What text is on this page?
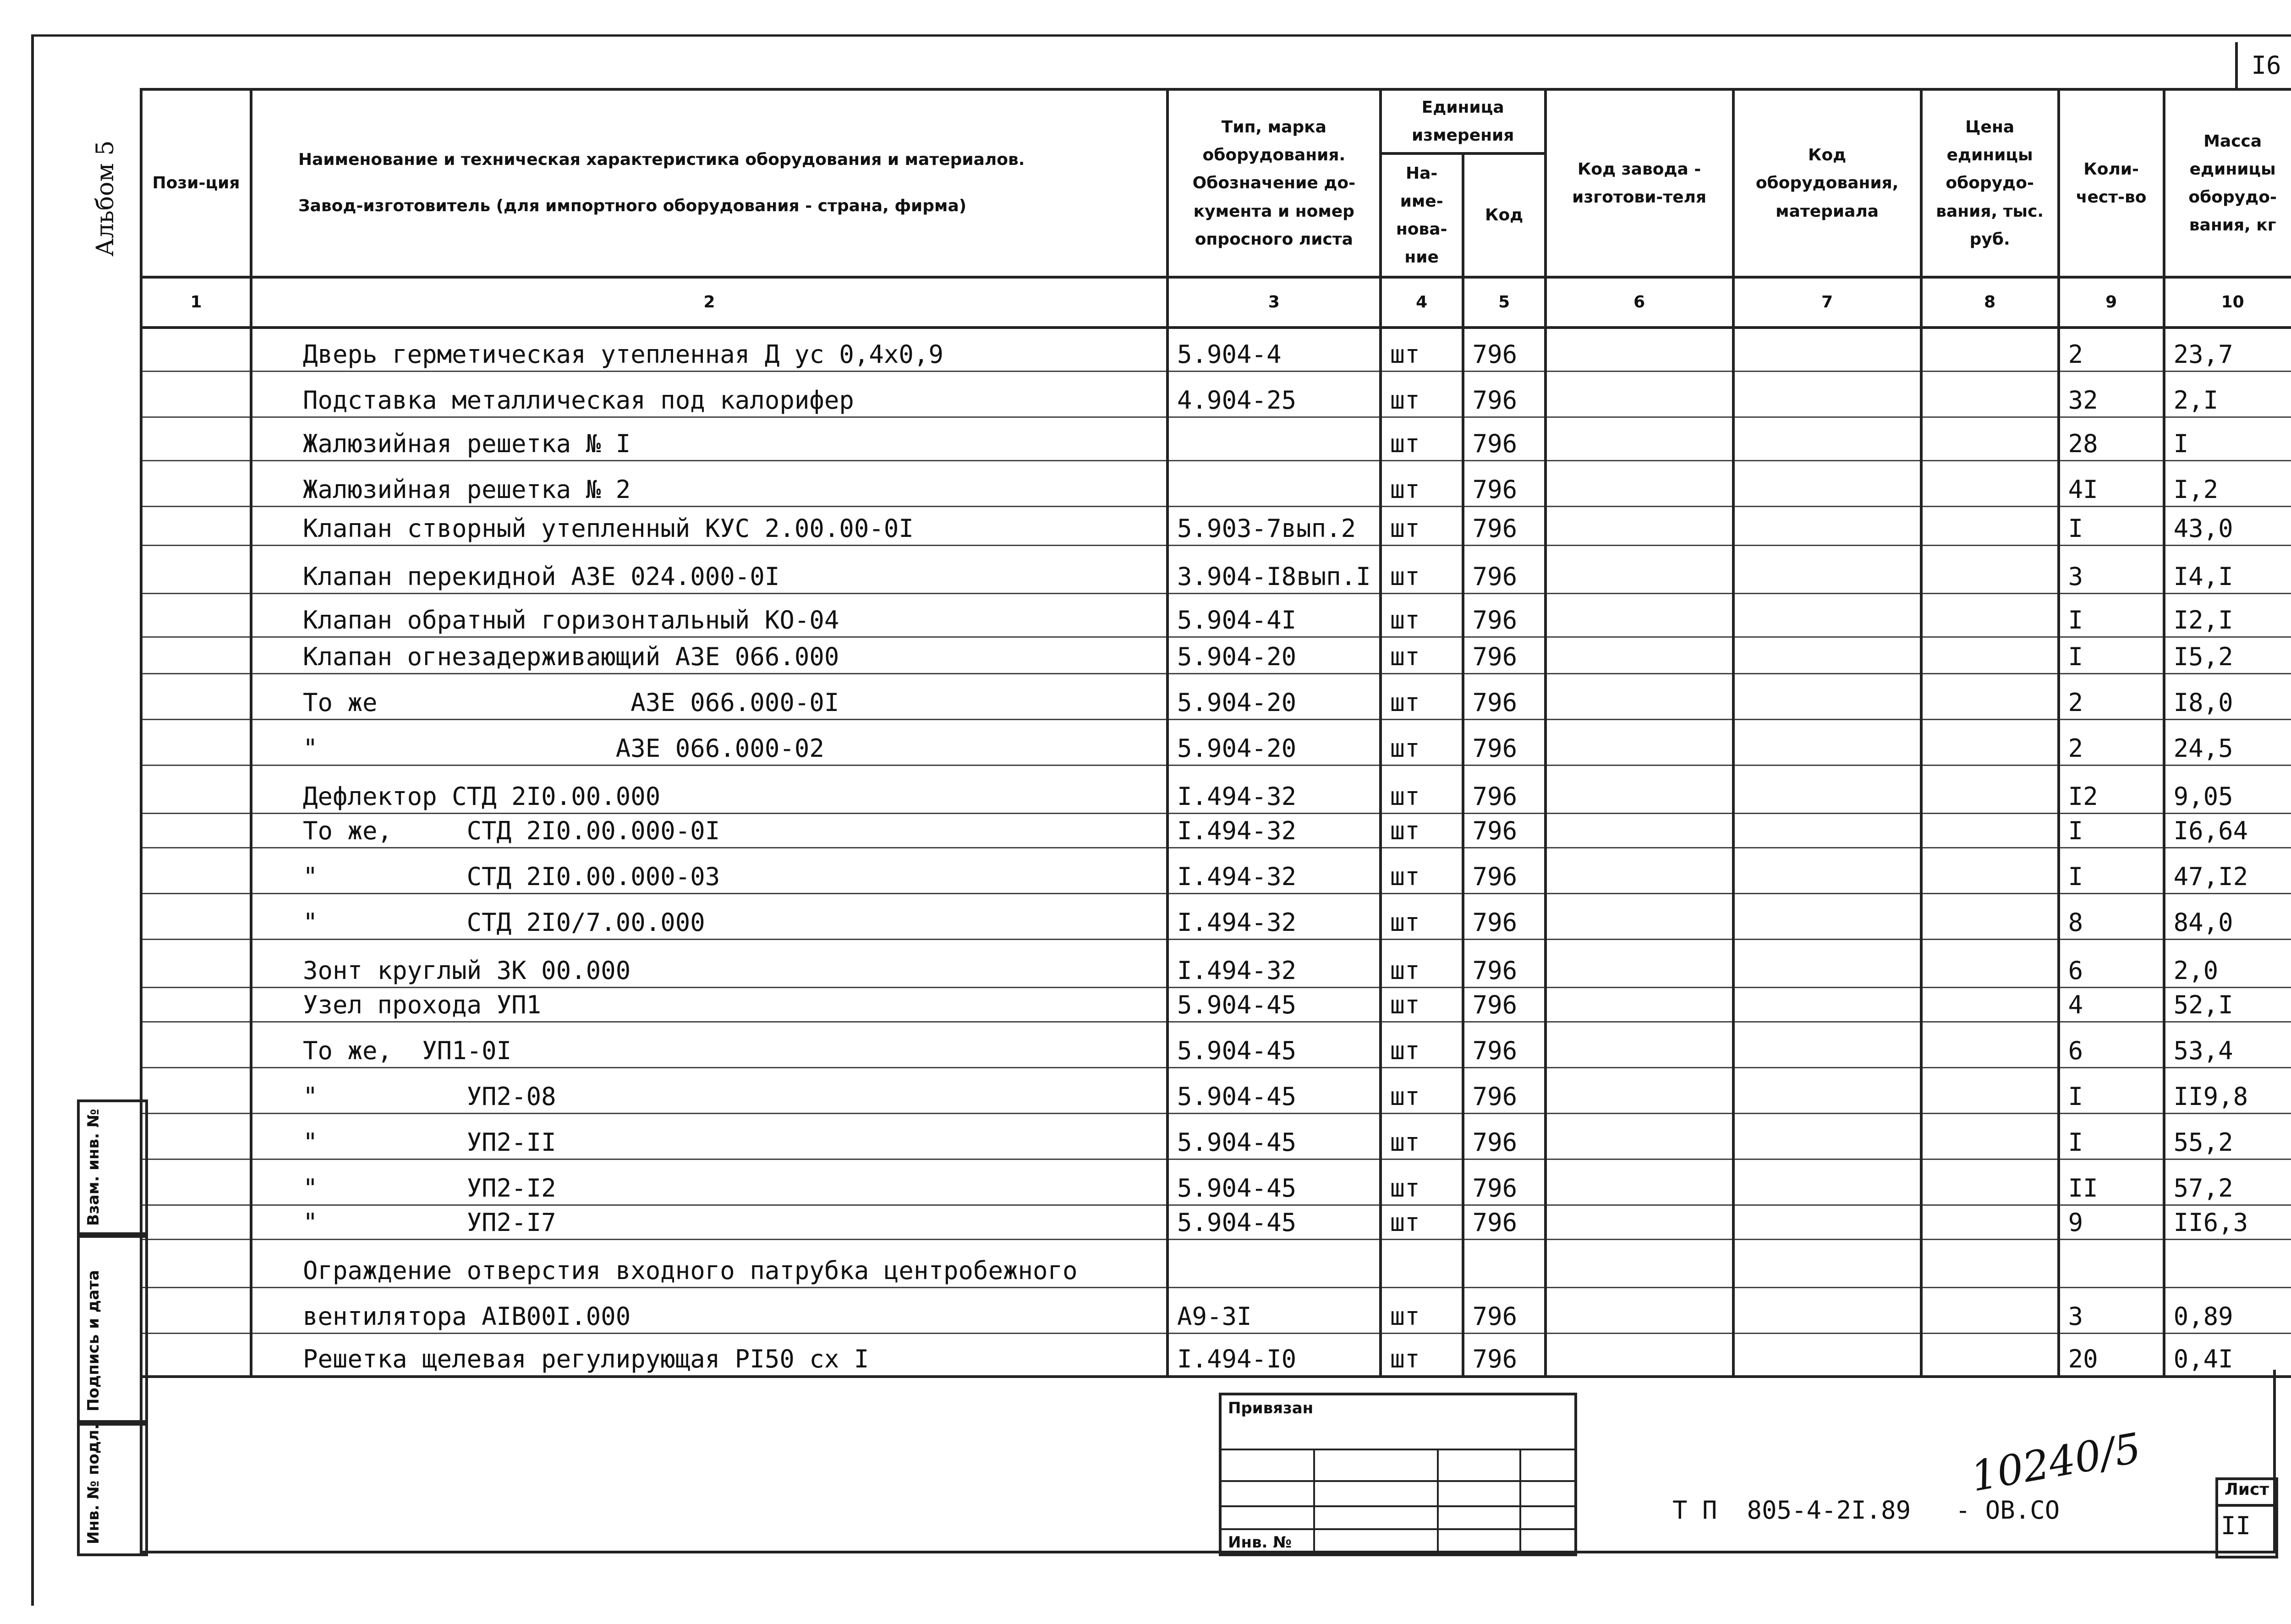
I6
Альбом 5 Пози-ция	Наименование и техническая характеристика оборудования и материалов.
Завод-изготовитель (для импортного оборудования - страна, фирма)	Тип, марка оборудования. Обозначение до-кумента и номер опросного листа	Единица измерения		Код завода - изготови-теля	Код оборудования, материала	Цена единицы оборудо-вания, тыс. руб.	Коли-чест-во	Масса единицы оборудо-вания, кг
			На-име-нова-ние	Код					
1	2	3	4	5	6	7	8	9	10
	Дверь герметическая утепленная Д ус 0,4х0,9	5.904-4	шт	796				2	23,7
	Подставка металлическая под калорифер	4.904-25	шт	796				32	2,I
	Жалюзийная решетка № I		шт	796				28	I
	Жалюзийная решетка № 2		шт	796				4I	I,2
	Клапан створный утепленный КУС 2.00.00-0I	5.903-7вып.2	шт	796				I	43,0
	Клапан перекидной АЗЕ 024.000-0I	3.904-I8вып.I	шт	796				3	I4,I
	Клапан обратный горизонтальный КО-04	5.904-4I	шт	796				I	I2,I
	Клапан огнезадерживающий АЗЕ 066.000	5.904-20	шт	796				I	I5,2
	То же                 АЗЕ 066.000-0I	5.904-20	шт	796				2	I8,0
	"                    АЗЕ 066.000-02	5.904-20	шт	796				2	24,5
	Дефлектор СТД 2I0.00.000	I.494-32	шт	796				I2	9,05
	То же,     СТД 2I0.00.000-0I	I.494-32	шт	796				I	I6,64
	"          СТД 2I0.00.000-03	I.494-32	шт	796				I	47,I2
	"          СТД 2I0/7.00.000	I.494-32	шт	796				8	84,0
	Зонт круглый ЗК 00.000	I.494-32	шт	796				6	2,0
	Узел прохода УП1	5.904-45	шт	796				4	52,I
	То же,  УП1-0I	5.904-45	шт	796				6	53,4
	"          УП2-08	5.904-45	шт	796				I	II9,8
	"          УП2-II	5.904-45	шт	796				I	55,2
	"          УП2-I2	5.904-45	шт	796				II	57,2
	"          УП2-I7	5.904-45	шт	796				9	II6,3
	Ограждение отверстия входного патрубка центробежного								
	вентилятора AIB00I.000	A9-3I	шт	796				3	0,89
	Решетка щелевая регулирующая PI50 сх I	I.494-I0	шт	796				20	0,4I
Взам. инв. №
Подпись и дата
Инв. № подл.
Привязан
Инв. №
10240/5
Т П  805-4-2I.89   - ОВ.СО
Лист
II
